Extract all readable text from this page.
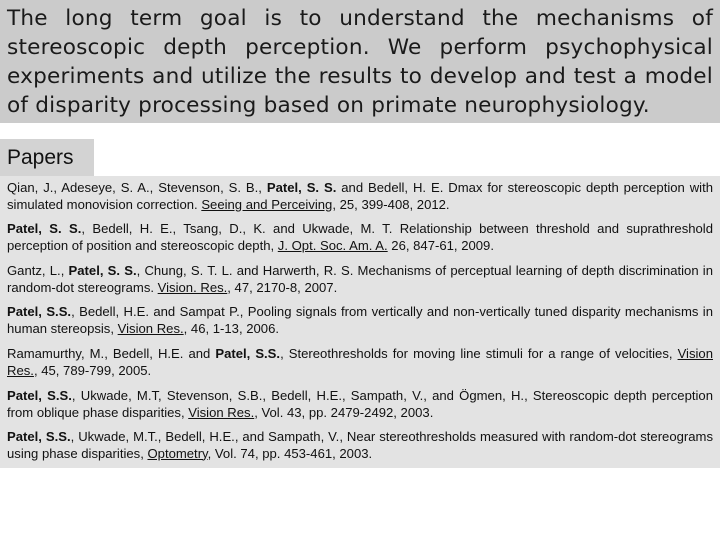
The long term goal is to understand the mechanisms of stereoscopic depth perception. We perform psychophysical experiments and utilize the results to develop and test a model of disparity processing based on primate neurophysiology.
Papers

Qian, J., Adeseye, S. A., Stevenson, S. B., Patel, S. S. and Bedell, H. E. Dmax for stereoscopic depth perception with simulated monovision correction. Seeing and Perceiving, 25, 399-408, 2012.

Patel, S. S., Bedell, H. E., Tsang, D., K. and Ukwade, M. T. Relationship between threshold and suprathreshold perception of position and stereoscopic depth, J. Opt. Soc. Am. A. 26, 847-61, 2009.

Gantz, L., Patel, S. S., Chung, S. T. L. and Harwerth, R. S. Mechanisms of perceptual learning of depth discrimination in random-dot stereograms. Vision. Res., 47, 2170-8, 2007.

Patel, S.S., Bedell, H.E. and Sampat P., Pooling signals from vertically and non-vertically tuned disparity mechanisms in human stereopsis, Vision Res., 46, 1-13, 2006.

Ramamurthy, M., Bedell, H.E. and Patel, S.S., Stereothresholds for moving line stimuli for a range of velocities, Vision Res., 45, 789-799, 2005.

Patel, S.S., Ukwade, M.T, Stevenson, S.B., Bedell, H.E., Sampath, V., and Ögmen, H., Stereoscopic depth perception from oblique phase disparities, Vision Res., Vol. 43, pp. 2479-2492, 2003.

Patel, S.S., Ukwade, M.T., Bedell, H.E., and Sampath, V., Near stereothresholds measured with random-dot stereograms using phase disparities, Optometry, Vol. 74, pp. 453-461, 2003.
